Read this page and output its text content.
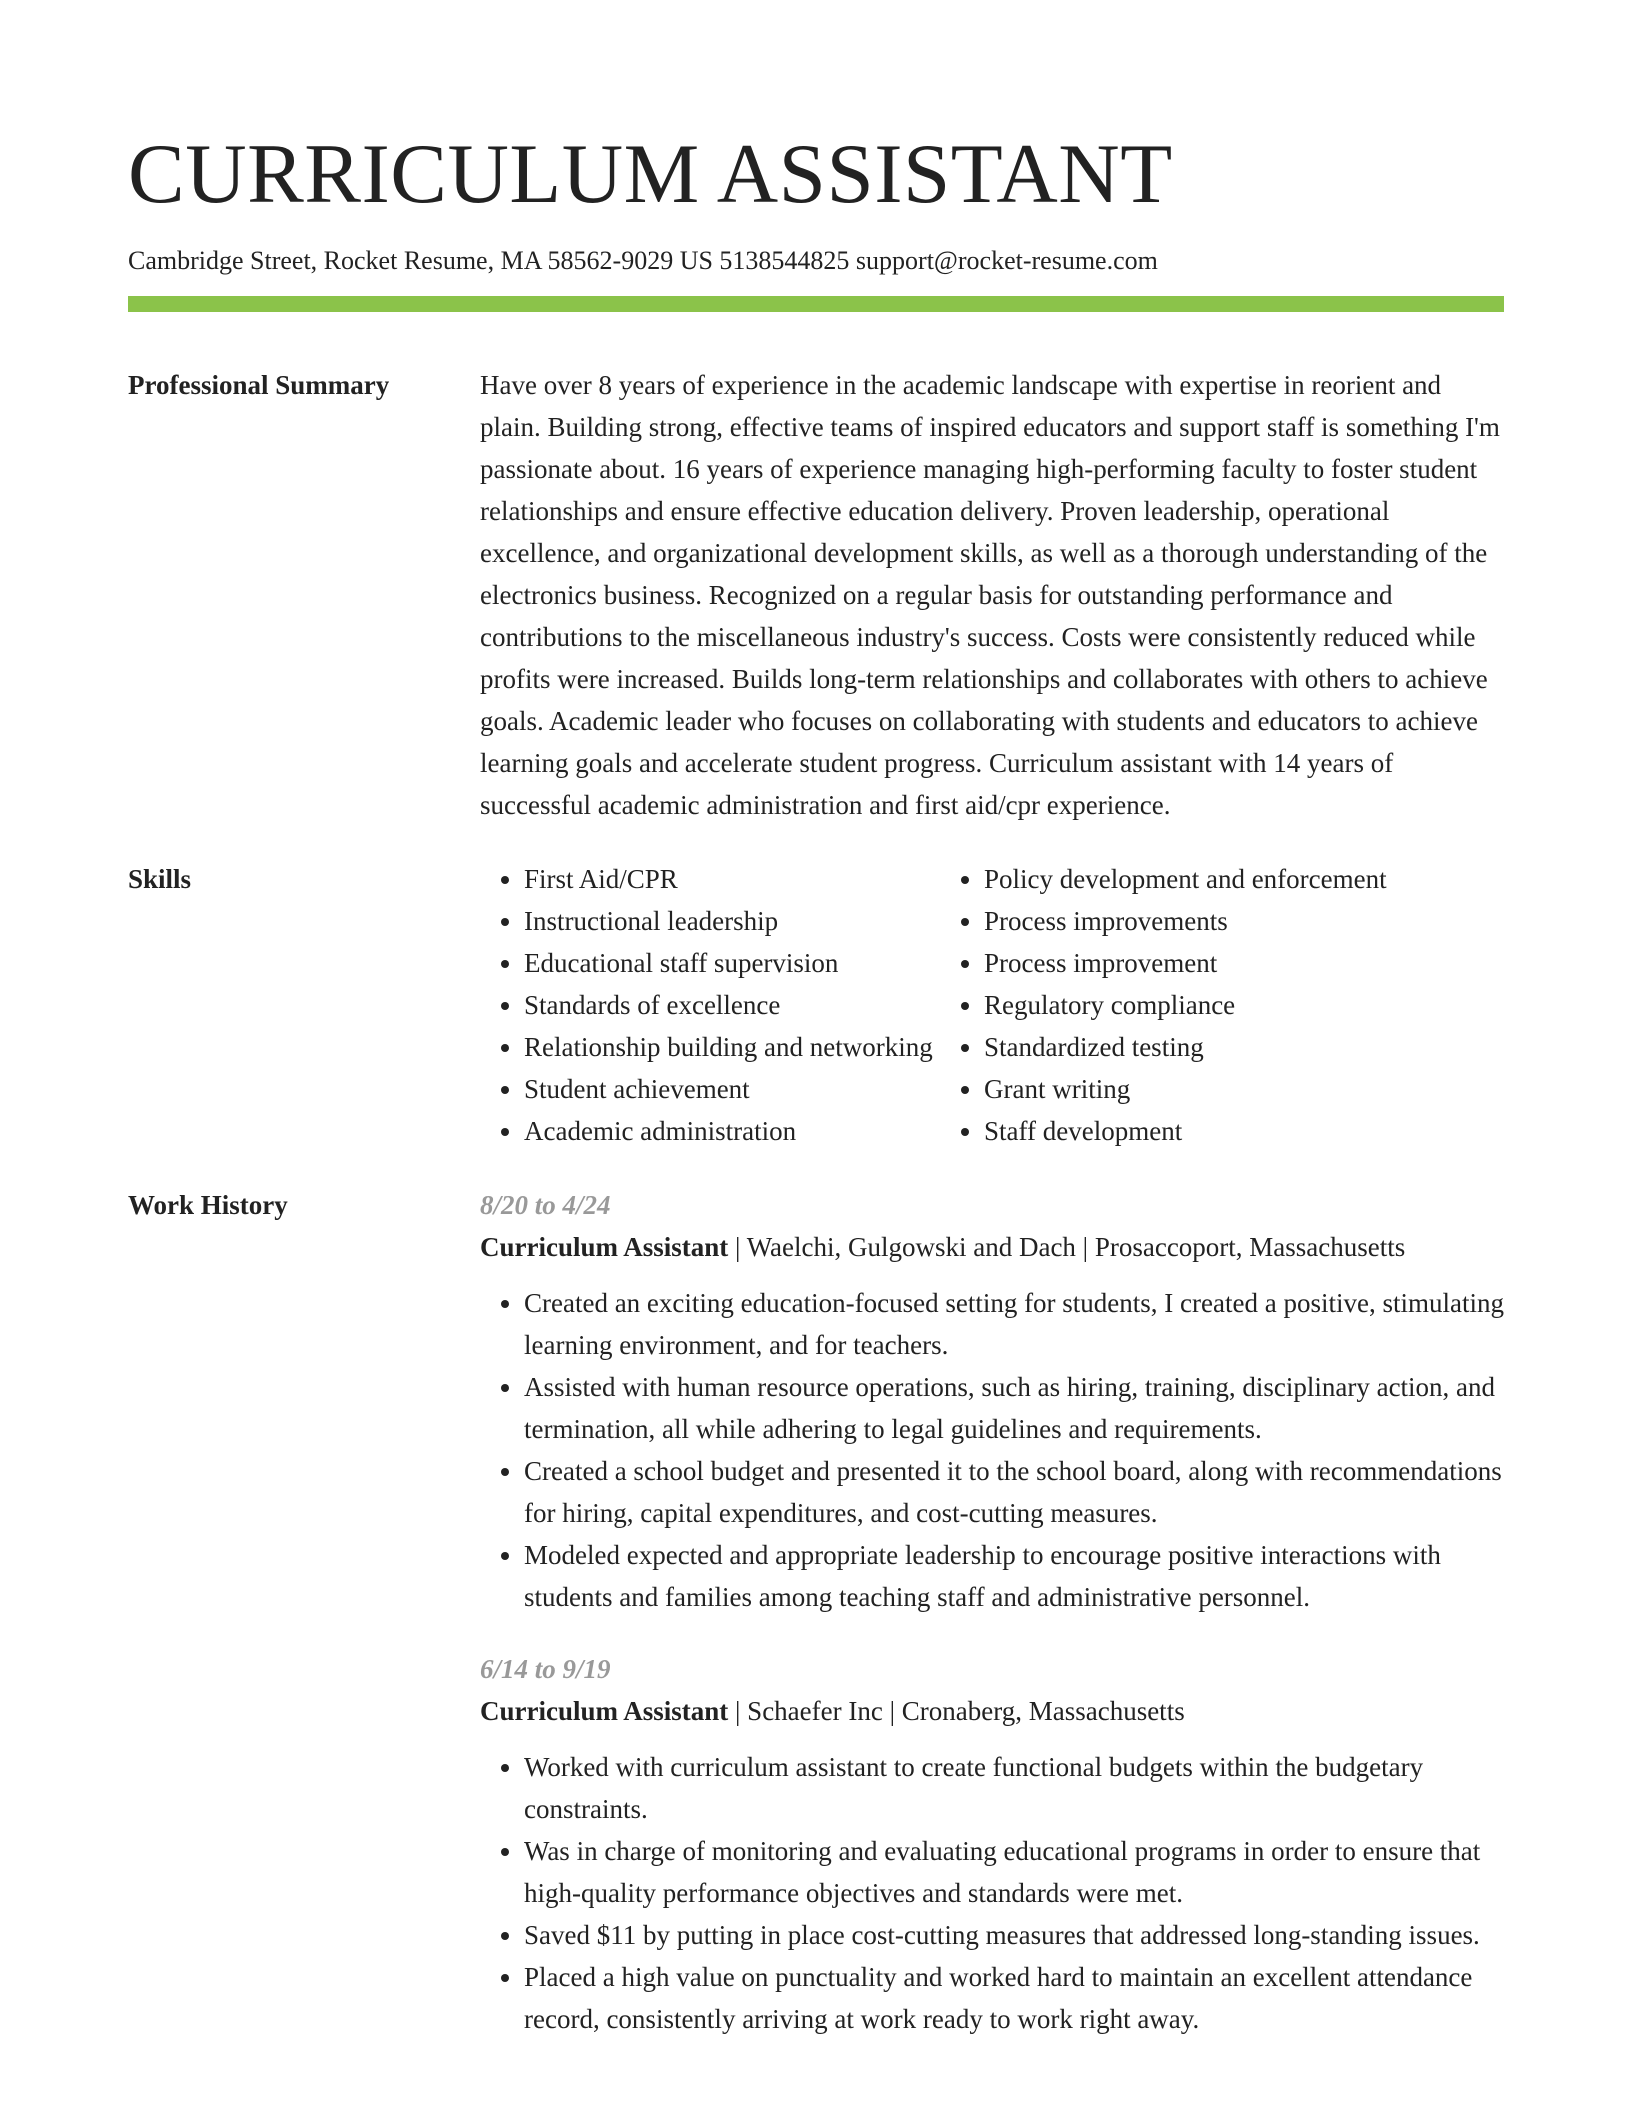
CURRICULUM ASSISTANT
Cambridge Street, Rocket Resume, MA 58562-9029 US 5138544825 support@rocket-resume.com
Professional Summary	Have over 8 years of experience in the academic landscape with expertise in reorient and plain. Building strong, effective teams of inspired educators and support staff is something I'm passionate about. 16 years of experience managing high-performing faculty to foster student relationships and ensure effective education delivery. Proven leadership, operational excellence, and organizational development skills, as well as a thorough understanding of the electronics business. Recognized on a regular basis for outstanding performance and contributions to the miscellaneous industry's success. Costs were consistently reduced while profits were increased. Builds long-term relationships and collaborates with others to achieve goals. Academic leader who focuses on collaborating with students and educators to achieve learning goals and accelerate student progress. Curriculum assistant with 14 years of successful academic administration and first aid/cpr experience.

Skills
•	First Aid/CPR
• Instructional leadership
• Educational staff supervision
• Standards of excellence
• Relationship building and networking
• Student achievement
• Academic administration
• Policy development and enforcement
• Process improvements
• Process improvement
• Regulatory compliance
• Standardized testing
• Grant writing
• Staff development
Work History	8/20 to 4/24
Curriculum Assistant | Waelchi, Gulgowski and Dach | Prosaccoport, Massachusetts
• Created an exciting education-focused setting for students, I created a positive, stimulating learning environment, and for teachers.
• Assisted with human resource operations, such as hiring, training, disciplinary action, and termination, all while adhering to legal guidelines and requirements.
• Created a school budget and presented it to the school board, along with recommendations for hiring, capital expenditures, and cost-cutting measures.
• Modeled expected and appropriate leadership to encourage positive interactions with students and families among teaching staff and administrative personnel.
6/14 to 9/19
Curriculum Assistant | Schaefer Inc | Cronaberg, Massachusetts
• Worked with curriculum assistant to create functional budgets within the budgetary constraints.
• Was in charge of monitoring and evaluating educational programs in order to ensure that high-quality performance objectives and standards were met.
• Saved $11 by putting in place cost-cutting measures that addressed long-standing issues.
• Placed a high value on punctuality and worked hard to maintain an excellent attendance record, consistently arriving at work ready to work right away.
